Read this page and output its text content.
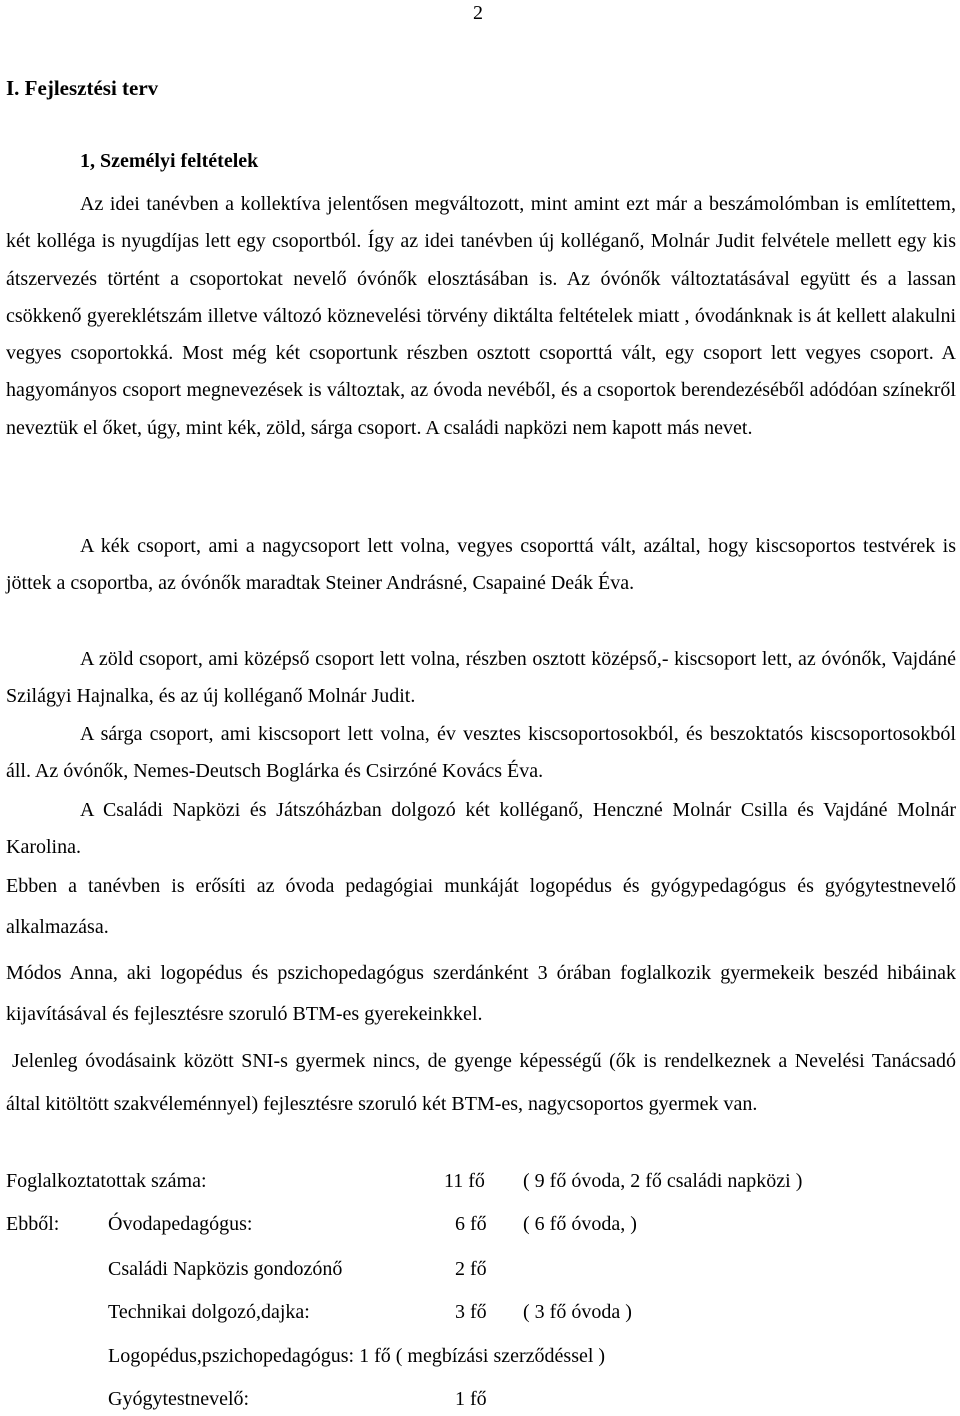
2
I. Fejlesztési terv
1, Személyi feltételek

Az idei tanévben a kollektíva jelentősen megváltozott, mint amint ezt már a beszámolómban is említettem, két kolléga is nyugdíjas lett egy csoportból. Így az idei tanévben új kolléganő, Molnár Judit felvétele mellett egy kis átszervezés történt a csoportokat nevelő óvónők elosztásában is. Az óvónők változtatásával együtt és a lassan csökkenő gyereklétszám illetve változó köznevelési törvény diktálta feltételek miatt , óvodánknak is át kellett alakulni vegyes csoportokká. Most még két csoportunk részben osztott csoporttá vált, egy csoport lett vegyes csoport. A hagyományos csoport megnevezések is változtak, az óvoda nevéből, és a csoportok berendezéséből adódóan színekről neveztük el őket, úgy, mint kék, zöld, sárga csoport. A családi napközi nem kapott más nevet.

A kék csoport, ami a nagycsoport lett volna, vegyes csoporttá vált, azáltal, hogy kiscsoportos testvérek is jöttek a csoportba, az óvónők maradtak Steiner Andrásné, Csapainé Deák Éva.

A zöld csoport, ami középső csoport lett volna, részben osztott középső,- kiscsoport lett, az óvónők, Vajdáné Szilágyi Hajnalka, és az új kolléganő Molnár Judit.

A sárga csoport, ami kiscsoport lett volna, év vesztes kiscsoportosokból, és beszoktatós kiscsoportosokból áll. Az óvónők, Nemes-Deutsch Boglárka és Csirzóné Kovács Éva.

A Családi Napközi és Játszóházban dolgozó két kolléganő, Henczné Molnár Csilla és Vajdáné Molnár Karolina.

Ebben a tanévben is erősíti az óvoda pedagógiai munkáját logopédus és gyógypedagógus és gyógytestnevelő alkalmazása.

Módos Anna, aki logopédus és pszichopedagógus szerdánként 3 órában foglalkozik gyermekeik beszéd hibáinak kijavításával és fejlesztésre szoruló BTM-es gyerekeinkkel.

Jelenleg óvodásaink között SNI-s gyermek nincs, de gyenge képességű (ők is rendelkeznek a Nevelési Tanácsadó által kitöltött szakvéleménnyel) fejlesztésre szoruló két BTM-es, nagycsoportos gyermek van.

Foglalkoztatottak száma:	11 fő ( 9 fő óvoda, 2 fő családi napközi )
Ebből: Óvodapedagógus:	6 fő ( 6 fő óvoda, )
Családi Napközis gondozónő	2 fő
Technikai dolgozó,dajka:	3 fő ( 3 fő óvoda )
Logopédus,pszichopedagógus: 1 fő ( megbízási szerződéssel )
Gyógytestnevelő:	1 fő
